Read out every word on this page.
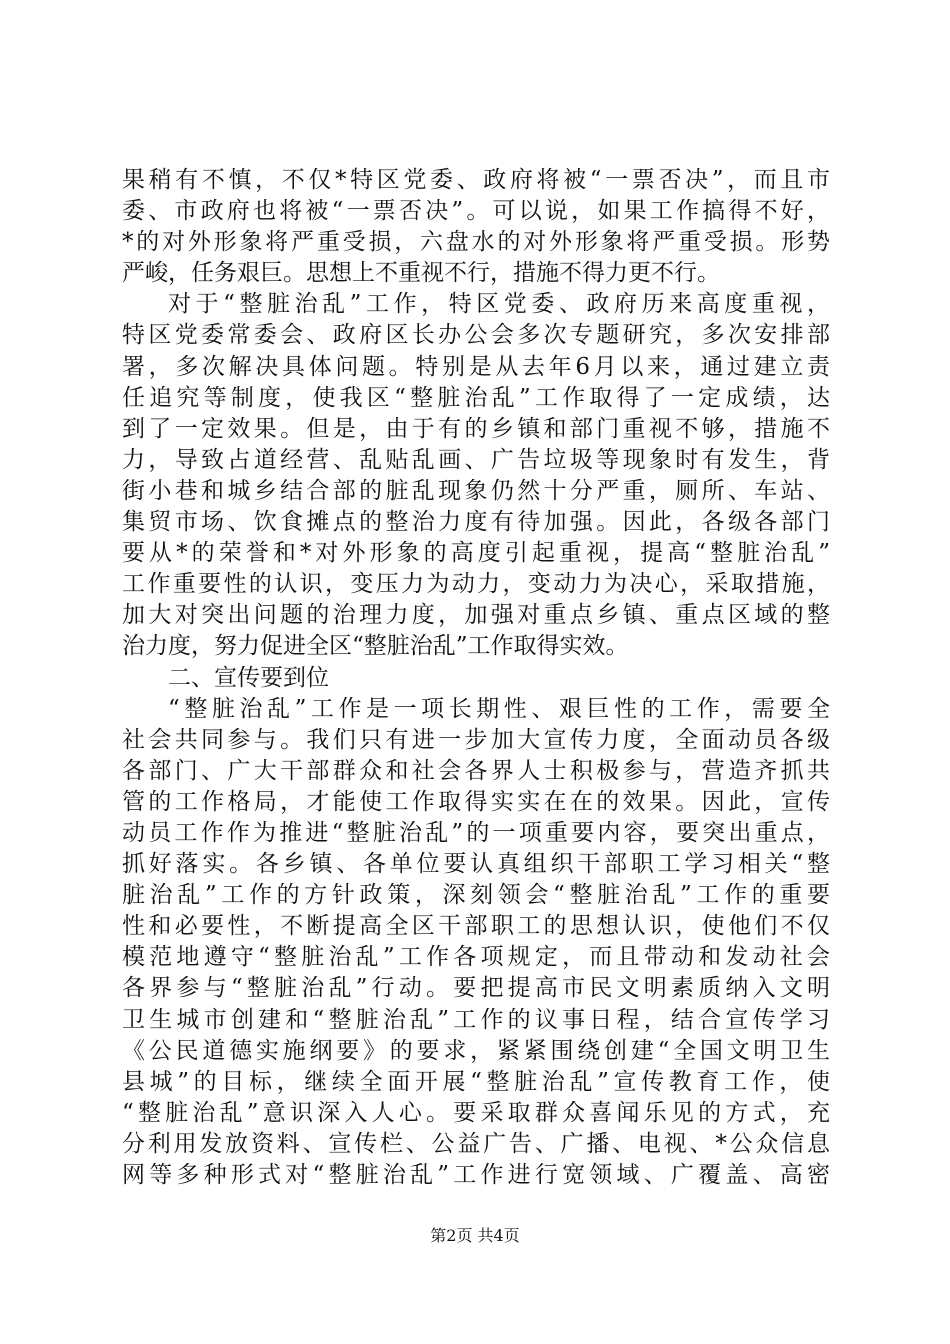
果稍有不慎，不仅*特区党委、政府将被“一票否决”，而且市
委、市政府也将被“一票否决”。可以说，如果工作搞得不好，
*的对外形象将严重受损，六盘水的对外形象将严重受损。形势
严峻，任务艰巨。思想上不重视不行，措施不得力更不行。
对于“整脏治乱”工作，特区党委、政府历来高度重视，
特区党委常委会、政府区长办公会多次专题研究，多次安排部
署，多次解决具体问题。特别是从去年6月以来，通过建立责
任追究等制度，使我区“整脏治乱”工作取得了一定成绩，达
到了一定效果。但是，由于有的乡镇和部门重视不够，措施不
力，导致占道经营、乱贴乱画、广告垃圾等现象时有发生，背
街小巷和城乡结合部的脏乱现象仍然十分严重，厕所、车站、
集贸市场、饮食摊点的整治力度有待加强。因此，各级各部门
要从*的荣誉和*对外形象的高度引起重视，提高“整脏治乱”
工作重要性的认识，变压力为动力，变动力为决心，采取措施，
加大对突出问题的治理力度，加强对重点乡镇、重点区域的整
治力度，努力促进全区“整脏治乱”工作取得实效。
二、宣传要到位
“整脏治乱”工作是一项长期性、艰巨性的工作，需要全
社会共同参与。我们只有进一步加大宣传力度，全面动员各级
各部门、广大干部群众和社会各界人士积极参与，营造齐抓共
管的工作格局，才能使工作取得实实在在的效果。因此，宣传
动员工作作为推进“整脏治乱”的一项重要内容，要突出重点，
抓好落实。各乡镇、各单位要认真组织干部职工学习相关“整
脏治乱”工作的方针政策，深刻领会“整脏治乱”工作的重要
性和必要性，不断提高全区干部职工的思想认识，使他们不仅
模范地遵守“整脏治乱”工作各项规定，而且带动和发动社会
各界参与“整脏治乱”行动。要把提高市民文明素质纳入文明
卫生城市创建和“整脏治乱”工作的议事日程，结合宣传学习
《公民道德实施纲要》的要求，紧紧围绕创建“全国文明卫生
县城”的目标，继续全面开展“整脏治乱”宣传教育工作，使
“整脏治乱”意识深入人心。要采取群众喜闻乐见的方式，充
分利用发放资料、宣传栏、公益广告、广播、电视、*公众信息
网等多种形式对“整脏治乱”工作进行宽领域、广覆盖、高密
第2页 共4页
